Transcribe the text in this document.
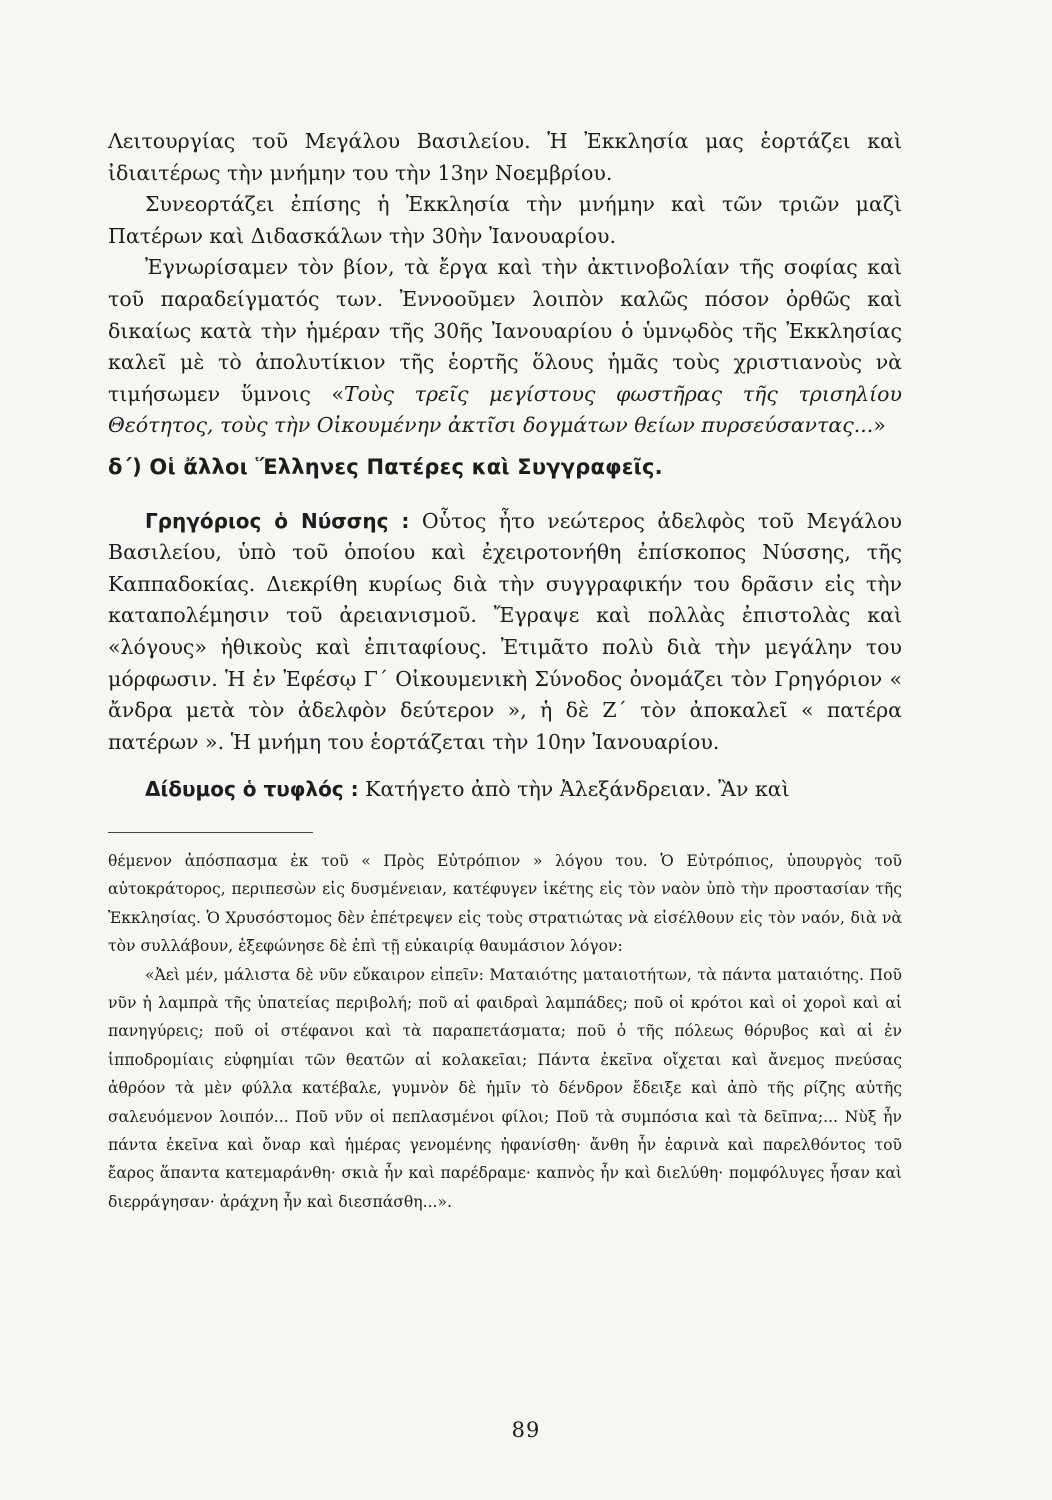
Λειτουργίας τοῦ Μεγάλου Βασιλείου. Ἡ Ἐκκλησία μας ἑορτάζει καὶ ἰδιαιτέρως τὴν μνήμην του τὴν 13ην Νοεμβρίου.

Συνεορτάζει ἐπίσης ἡ Ἐκκλησία τὴν μνήμην καὶ τῶν τριῶν μαζὶ Πατέρων καὶ Διδασκάλων τὴν 30ὴν Ἰανουαρίου.

Ἐγνωρίσαμεν τὸν βίον, τὰ ἔργα καὶ τὴν ἀκτινοβολίαν τῆς σοφίας καὶ τοῦ παραδείγματός των. Ἐννοοῦμεν λοιπὸν καλῶς πόσον ὀρθῶς καὶ δικαίως κατὰ τὴν ἡμέραν τῆς 30ῆς Ἰανουαρίου ὁ ὑμνῳδὸς τῆς Ἐκκλησίας καλεῖ μὲ τὸ ἀπολυτίκιον τῆς ἑορτῆς ὅλους ἡμᾶς τοὺς χριστιανοὺς νὰ τιμήσωμεν ὕμνοις «Τοὺς τρεῖς μεγίστους φωστῆρας τῆς τρισηλίου Θεότητος, τοὺς τὴν Οἰκουμένην ἀκτῖσι δογμάτων θείων πυρσεύσαντας...»

δ΄) Οἱ ἄλλοι Ἕλληνες Πατέρες καὶ Συγγραφεῖς.

Γρηγόριος ὁ Νύσσης : Οὗτος ἦτο νεώτερος ἀδελφὸς τοῦ Μεγάλου Βασιλείου, ὑπὸ τοῦ ὁποίου καὶ ἐχειροτονήθη ἐπίσκοπος Νύσσης, τῆς Καππαδοκίας. Διεκρίθη κυρίως διὰ τὴν συγγραφικήν του δρᾶσιν εἰς τὴν καταπολέμησιν τοῦ ἀρειανισμοῦ. Ἔγραψε καὶ πολλὰς ἐπιστολὰς καὶ «λόγους» ἠθικοὺς καὶ ἐπιταφίους. Ἐτιμᾶτο πολὺ διὰ τὴν μεγάλην του μόρφωσιν. Ἡ ἐν Ἐφέσῳ Γ΄ Οἰκουμενικὴ Σύνοδος ὀνομάζει τὸν Γρηγόριον « ἄνδρα μετὰ τὸν ἀδελφὸν δεύτερον », ἡ δὲ Ζ΄ τὸν ἀποκαλεῖ « πατέρα πατέρων ». Ἡ μνήμη του ἑορτάζεται τὴν 10ην Ἰανουαρίου.

Δίδυμος ὁ τυφλός : Κατήγετο ἀπὸ τὴν Ἀλεξάνδρειαν. Ἂν καὶ

θέμενον ἀπόσπασμα ἐκ τοῦ « Πρὸς Εὐτρόπιον » λόγου του. Ὁ Εὐτρόπιος, ὑπουργὸς τοῦ αὐτοκράτορος, περιπεσὼν εἰς δυσμένειαν, κατέφυγεν ἱκέτης εἰς τὸν ναὸν ὑπὸ τὴν προστασίαν τῆς Ἐκκλησίας. Ὁ Χρυσόστομος δὲν ἐπέτρεψεν εἰς τοὺς στρατιώτας νὰ εἰσέλθουν εἰς τὸν ναόν, διὰ νὰ τὸν συλλάβουν, ἐξεφώνησε δὲ ἐπὶ τῇ εὐκαιρίᾳ θαυμάσιον λόγον:

«Ἀεὶ μέν, μάλιστα δὲ νῦν εὔκαιρον εἰπεῖν: Ματαιότης ματαιοτήτων, τὰ πάντα ματαιότης. Ποῦ νῦν ἡ λαμπρὰ τῆς ὑπατείας περιβολή; ποῦ αἱ φαιδραὶ λαμπάδες; ποῦ οἱ κρότοι καὶ οἱ χοροὶ καὶ αἱ πανηγύρεις; ποῦ οἱ στέφανοι καὶ τὰ παραπετάσματα; ποῦ ὁ τῆς πόλεως θόρυβος καὶ αἱ ἐν ἱπποδρομίαις εὐφημίαι τῶν θεατῶν αἱ κολακεῖαι; Πάντα ἐκεῖνα οἴχεται καὶ ἄνεμος πνεύσας ἀθρόον τὰ μὲν φύλλα κατέβαλε, γυμνὸν δὲ ἡμῖν τὸ δένδρον ἔδειξε καὶ ἀπὸ τῆς ρίζης αὐτῆς σαλευόμενον λοιπόν... Ποῦ νῦν οἱ πεπλασμένοι φίλοι; Ποῦ τὰ συμπόσια καὶ τὰ δεῖπνα;... Νὺξ ἦν πάντα ἐκεῖνα καὶ ὄναρ καὶ ἡμέρας γενομένης ἠφανίσθη· ἄνθη ἦν ἐαρινὰ καὶ παρελθόντος τοῦ ἔαρος ἅπαντα κατεμαράνθη· σκιὰ ἦν καὶ παρέδραμε· καπνὸς ἦν καὶ διελύθη· πομφόλυγες ἦσαν καὶ διερράγησαν· ἀράχνη ἦν καὶ διεσπάσθη...».

89
